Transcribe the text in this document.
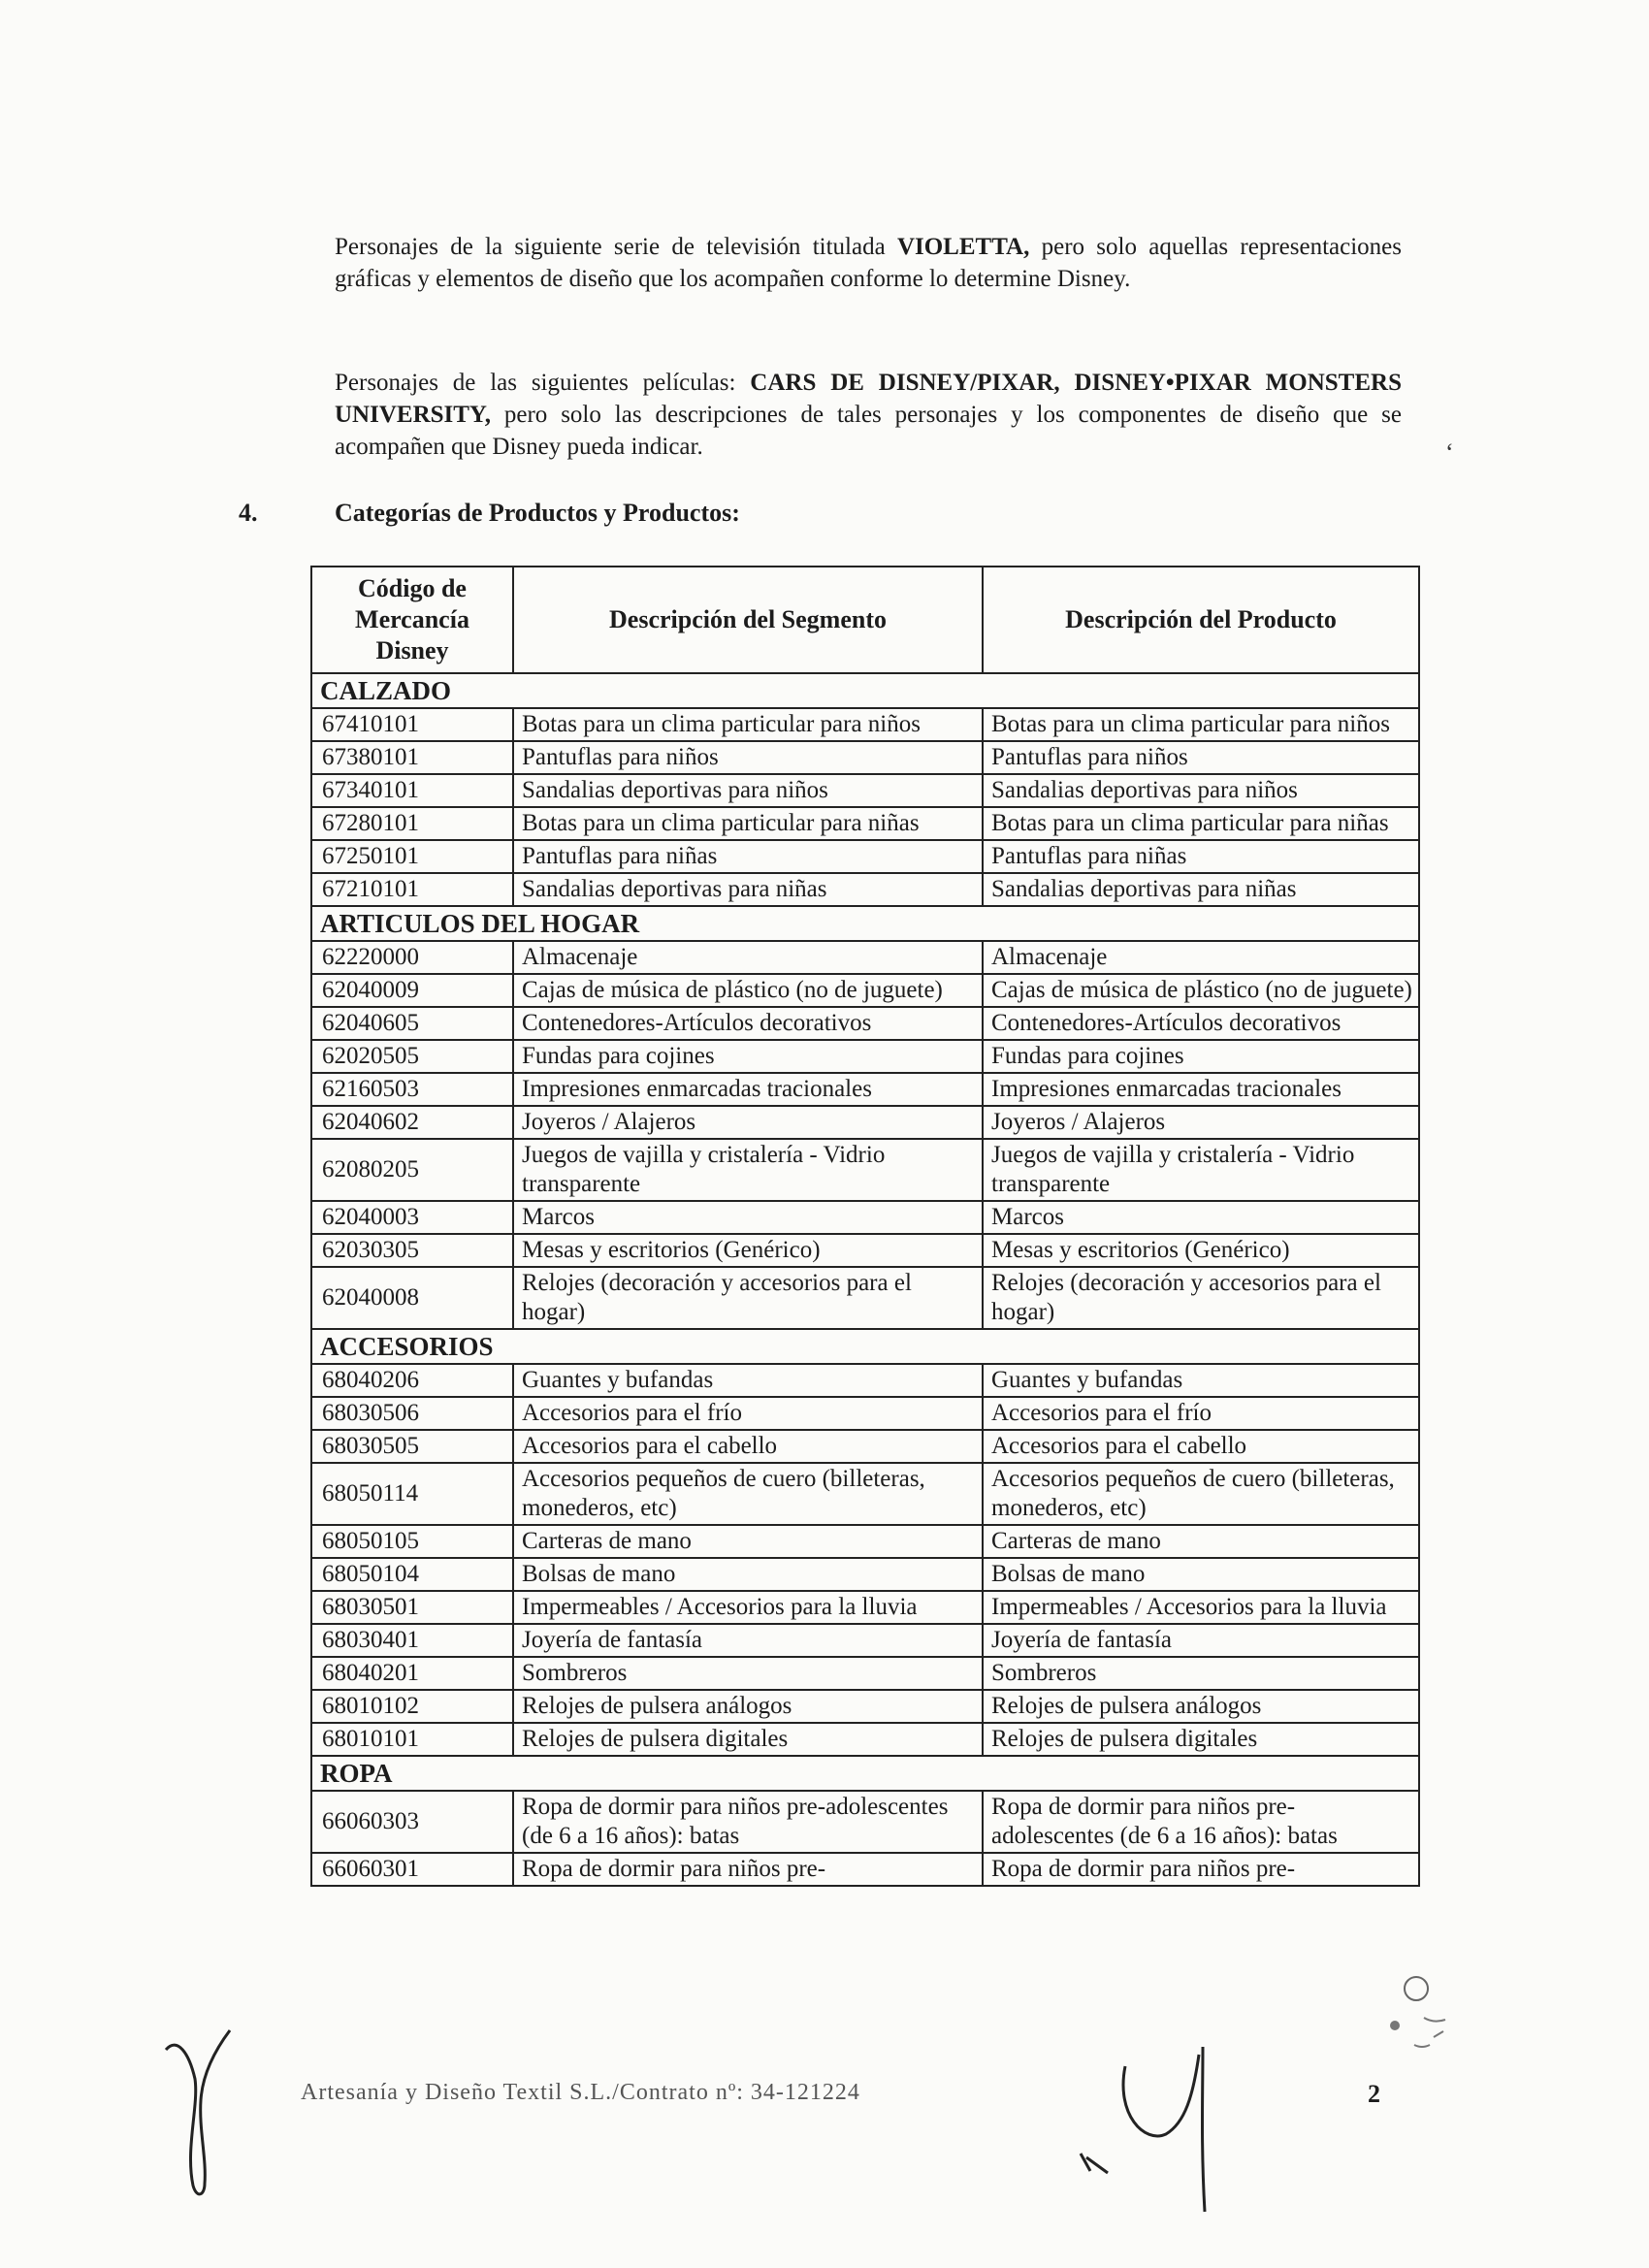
Personajes de la siguiente serie de televisión titulada VIOLETTA, pero solo aquellas representaciones gráficas y elementos de diseño que los acompañen conforme lo determine Disney.

Personajes de las siguientes películas: CARS DE DISNEY/PIXAR, DISNEY•PIXAR MONSTERS UNIVERSITY, pero solo las descripciones de tales personajes y los componentes de diseño que se acompañen que Disney pueda indicar.	ʻ
4.	Categorías de Productos y Productos:
Código de Mercancía Disney	Descripción del Segmento	Descripción del Producto
CALZADO		
67410101	Botas para un clima particular para niños	Botas para un clima particular para niños
67380101	Pantuflas para niños	Pantuflas para niños
67340101	Sandalias deportivas para niños	Sandalias deportivas para niños
67280101	Botas para un clima particular para niñas	Botas para un clima particular para niñas
67250101	Pantuflas para niñas	Pantuflas para niñas
67210101	Sandalias deportivas para niñas	Sandalias deportivas para niñas
ARTICULOS DEL HOGAR		
62220000	Almacenaje	Almacenaje
62040009	Cajas de música de plástico (no de juguete)	Cajas de música de plástico (no de juguete)
62040605	Contenedores-Artículos decorativos	Contenedores-Artículos decorativos
62020505	Fundas para cojines	Fundas para cojines
62160503	Impresiones enmarcadas tracionales	Impresiones enmarcadas tracionales
62040602	Joyeros / Alajeros	Joyeros / Alajeros
62080205	Juegos de vajilla y cristalería - Vidrio transparente	Juegos de vajilla y cristalería - Vidrio transparente
62040003	Marcos	Marcos
62030305	Mesas y escritorios (Genérico)	Mesas y escritorios (Genérico)
62040008	Relojes (decoración y accesorios para el hogar)	Relojes (decoración y accesorios para el hogar)
ACCESORIOS		
68040206	Guantes y bufandas	Guantes y bufandas
68030506	Accesorios para el frío	Accesorios para el frío
68030505	Accesorios para el cabello	Accesorios para el cabello
68050114	Accesorios pequeños de cuero (billeteras, monederos, etc)	Accesorios pequeños de cuero (billeteras, monederos, etc)
68050105	Carteras de mano	Carteras de mano
68050104	Bolsas de mano	Bolsas de mano
68030501	Impermeables / Accesorios para la lluvia	Impermeables / Accesorios para la lluvia
68030401	Joyería de fantasía	Joyería de fantasía
68040201	Sombreros	Sombreros
68010102	Relojes de pulsera análogos	Relojes de pulsera análogos
68010101	Relojes de pulsera digitales	Relojes de pulsera digitales
ROPA		
66060303	Ropa de dormir para niños pre-adolescentes (de 6 a 16 años): batas	Ropa de dormir para niños pre-adolescentes (de 6 a 16 años): batas
66060301	Ropa de dormir para niños pre-	Ropa de dormir para niños pre-
Artesanía y Diseño Textil S.L./Contrato nº: 34-121224	2
